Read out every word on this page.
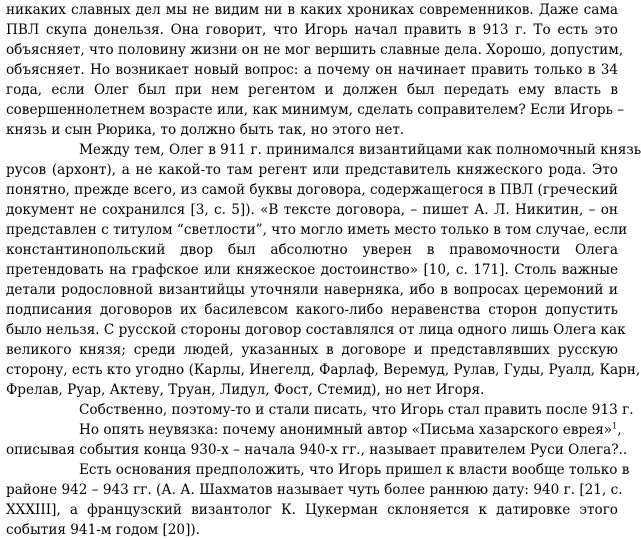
никаких славных дел мы не видим ни в каких хрониках современников. Даже сама
ПВЛ скупа донельзя. Она говорит, что Игорь начал править в 913 г. То есть это
объясняет, что половину жизни он не мог вершить славные дела. Хорошо, допустим,
объясняет. Но возникает новый вопрос: а почему он начинает править только в 34
года, если Олег был при нем регентом и должен был передать ему власть в
совершеннолетнем возрасте или, как минимум, сделать соправителем? Если Игорь –
князь и сын Рюрика, то должно быть так, но этого нет.
Между тем, Олег в 911 г. принимался византийцами как полномочный князь
русов (архонт), а не какой-то там регент или представитель княжеского рода. Это
понятно, прежде всего, из самой буквы договора, содержащегося в ПВЛ (греческий
документ не сохранился [3, с. 5]). «В тексте договора, – пишет А. Л. Никитин, – он
представлен с титулом “светлости”, что могло иметь место только в том случае, если
константинопольский двор был абсолютно уверен в правомочности Олега
претендовать на графское или княжеское достоинство» [10, с. 171]. Столь важные
детали родословной византийцы уточняли наверняка, ибо в вопросах церемоний и
подписания договоров их басилевсом какого-либо неравенства сторон допустить
было нельзя. С русской стороны договор составлялся от лица одного лишь Олега как
великого князя; среди людей, указанных в договоре и представлявших русскую
сторону, есть кто угодно (Карлы, Инегелд, Фарлаф, Веремуд, Рулав, Гуды, Руалд, Карн,
Фрелав, Руар, Актеву, Труан, Лидул, Фост, Стемид), но нет Игоря.
Собственно, поэтому-то и стали писать, что Игорь стал править после 913 г.
Но опять неувязка: почему анонимный автор «Письма хазарского еврея»$^1$,
описывая события конца 930-х – начала 940-х гг., называет правителем Руси Олега?..
Есть основания предположить, что Игорь пришел к власти вообще только в
районе 942 – 943 гг. (А. А. Шахматов называет чуть более раннюю дату: 940 г. [21, с.
XXXIII], а французский византолог К. Цукерман склоняется к датировке этого
события 941-м годом [20]).
